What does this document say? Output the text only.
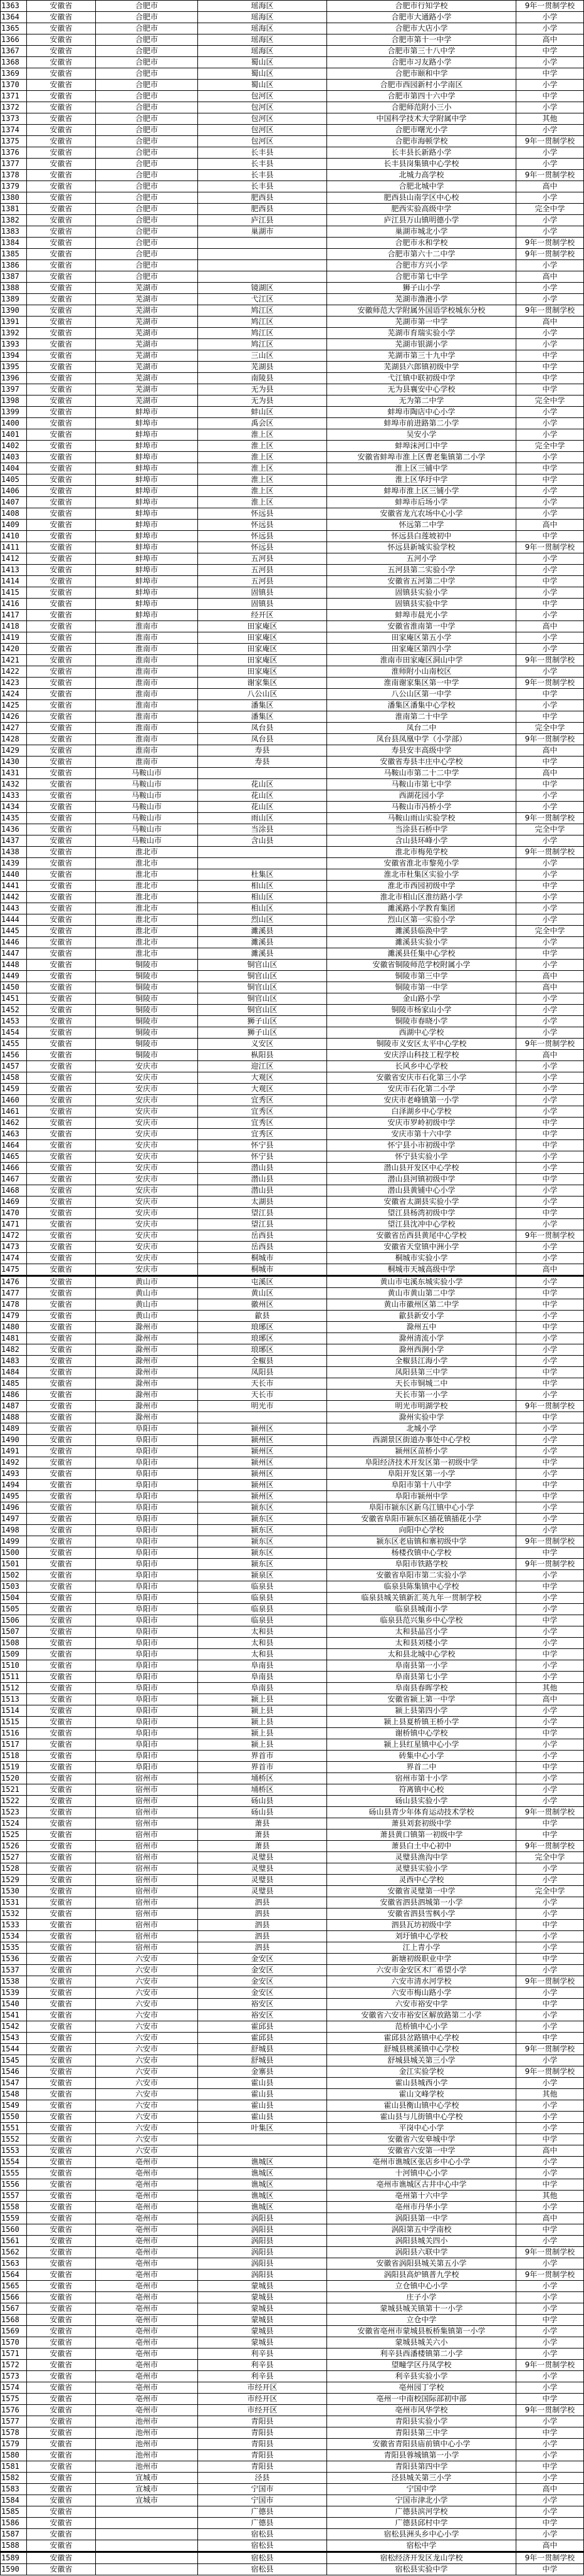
1363	安徽省	合肥市	瑶海区	合肥市行知学校	9年一贯制学校
1364	安徽省	合肥市	瑶海区	合肥市大通路小学	小学
1365	安徽省	合肥市	瑶海区	合肥市大店小学	小学
1366	安徽省	合肥市	瑶海区	合肥市第十一中学	高中
1367	安徽省	合肥市	瑶海区	合肥市第三十八中学	中学
1368	安徽省	合肥市	蜀山区	合肥市习友路小学	小学
1369	安徽省	合肥市	蜀山区	合肥市颐和中学	中学
1370	安徽省	合肥市	蜀山区	合肥市西园新村小学南区	小学
1371	安徽省	合肥市	包河区	合肥市第四十六中学	中学
1372	安徽省	合肥市	包河区	合肥师范附小三小	小学
1373	安徽省	合肥市	包河区	中国科学技术大学附属中学	其他
1374	安徽省	合肥市	包河区	合肥市曙光小学	小学
1375	安徽省	合肥市	包河区	合肥市海顿学校	9年一贯制学校
1376	安徽省	合肥市	长丰县	长丰县长新路小学	小学
1377	安徽省	合肥市	长丰县	长丰县岗集镇中心学校	小学
1378	安徽省	合肥市	长丰县	北城力高学校	9年一贯制学校
1379	安徽省	合肥市	长丰县	合肥北城中学	高中
1380	安徽省	合肥市	肥西县	肥西县山南学区中心校	小学
1381	安徽省	合肥市	肥西县	肥西实验高级中学	完全中学
1382	安徽省	合肥市	庐江县	庐江县万山镇明德小学	小学
1383	安徽省	合肥市	巢湖市	巢湖市城北小学	小学
1384	安徽省	合肥市		合肥市永和学校	9年一贯制学校
1385	安徽省	合肥市		合肥市第六十二中学	9年一贯制学校
1386	安徽省	合肥市		合肥市方兴小学	小学
1387	安徽省	合肥市		合肥市第七中学	高中
1388	安徽省	芜湖市	镜湖区	狮子山小学	小学
1389	安徽省	芜湖市	弋江区	芜湖市澛港小学	小学
1390	安徽省	芜湖市	鸠江区	安徽师范大学附属外国语学校城东分校	9年一贯制学校
1391	安徽省	芜湖市	鸠江区	芜湖市第一中学	高中
1392	安徽省	芜湖市	鸠江区	芜湖市育瑞实验小学	小学
1393	安徽省	芜湖市	鸠江区	芜湖市银湖小学	小学
1394	安徽省	芜湖市	三山区	芜湖市第三十九中学	中学
1395	安徽省	芜湖市	芜湖县	芜湖县六郎镇初级中学	中学
1396	安徽省	芜湖市	南陵县	弋江镇中联初级中学	中学
1397	安徽省	芜湖市	无为县	无为县襄安中心学校	中学
1398	安徽省	芜湖市	无为县	无为第二中学	完全中学
1399	安徽省	蚌埠市	蚌山区	蚌埠市陶店中心小学	小学
1400	安徽省	蚌埠市	禹会区	蚌埠市前进路第二小学	小学
1401	安徽省	蚌埠市	淮上区	吴安小学	小学
1402	安徽省	蚌埠市	淮上区	蚌埠沫河口中学	完全中学
1403	安徽省	蚌埠市	淮上区	安徽省蚌埠市淮上区曹老集镇第二小学	小学
1404	安徽省	蚌埠市	淮上区	淮上区三铺中学	中学
1405	安徽省	蚌埠市	淮上区	淮上区华圩中学	中学
1406	安徽省	蚌埠市	淮上区	蚌埠市淮上区三铺小学	小学
1407	安徽省	蚌埠市	淮上区	蚌埠市后场小学	小学
1408	安徽省	蚌埠市	怀远县	安徽省龙亢农场中心小学	小学
1409	安徽省	蚌埠市	怀远县	怀远第二中学	高中
1410	安徽省	蚌埠市	怀远县	怀远县白莲坡初中	中学
1411	安徽省	蚌埠市	怀远县	怀远县新城实验学校	9年一贯制学校
1412	安徽省	蚌埠市	五河县	五河小学	小学
1413	安徽省	蚌埠市	五河县	五河县第二实验小学	小学
1414	安徽省	蚌埠市	五河县	安徽省五河第二中学	中学
1415	安徽省	蚌埠市	固镇县	固镇县实验小学	小学
1416	安徽省	蚌埠市	固镇县	固镇县实验中学	中学
1417	安徽省	蚌埠市	经开区	蚌埠市晨光小学	小学
1418	安徽省	淮南市	田家庵区	安徽省淮南第一中学	高中
1419	安徽省	淮南市	田家庵区	田家庵区第五小学	小学
1420	安徽省	淮南市	田家庵区	田家庵区第四小学	小学
1421	安徽省	淮南市	田家庵区	淮南市田家庵区洞山中学	9年一贯制学校
1422	安徽省	淮南市	田家庵区	淮师附小山南校区	小学
1423	安徽省	淮南市	谢家集区	淮南谢家集区第一中学	9年一贯制学校
1424	安徽省	淮南市	八公山区	八公山区第一中学	中学
1425	安徽省	淮南市	潘集区	潘集区潘集中心学校	小学
1426	安徽省	淮南市	潘集区	淮南第二十中学	中学
1427	安徽省	淮南市	凤台县	凤台二中	完全中学
1428	安徽省	淮南市	凤台县	凤台县凤凰中学（小学部）	9年一贯制学校
1429	安徽省	淮南市	寿县	寿县安丰高级中学	高中
1430	安徽省	淮南市	寿县	安徽省寿县丰庄中心学校	中学
1431	安徽省	马鞍山市		马鞍山市第二十二中学	高中
1432	安徽省	马鞍山市	花山区	马鞍山市第七中学	中学
1433	安徽省	马鞍山市	花山区	西湖花园小学	小学
1434	安徽省	马鞍山市	花山区	马鞍山市冯桥小学	小学
1435	安徽省	马鞍山市	雨山区	马鞍山雨山实验学校	9年一贯制学校
1436	安徽省	马鞍山市	当涂县	当涂县石桥中学	完全中学
1437	安徽省	马鞍山市	含山县	含山县环峰小学	小学
1438	安徽省	淮北市		淮北市梅苑学校	9年一贯制学校
1439	安徽省	淮北市		安徽省淮北市黎苑小学	小学
1440	安徽省	淮北市	杜集区	淮北市杜集区实验小学	小学
1441	安徽省	淮北市	相山区	淮北市西园初级中学	中学
1442	安徽省	淮北市	相山区	淮北市相山区淮纺路小学	小学
1443	安徽省	淮北市	相山区	濉溪路小学教育集团	小学
1444	安徽省	淮北市	烈山区	烈山区第一实验小学	小学
1445	安徽省	淮北市	濉溪县	濉溪县临涣中学	完全中学
1446	安徽省	淮北市	濉溪县	濉溪县实验小学	小学
1447	安徽省	淮北市	濉溪县	濉溪县任集中心学校	中学
1448	安徽省	铜陵市	铜官山区	安徽省铜陵师范学校附属小学	小学
1449	安徽省	铜陵市	铜官山区	铜陵市第三中学	高中
1450	安徽省	铜陵市	铜官山区	铜陵市第一中学	高中
1451	安徽省	铜陵市	铜官山区	金山路小学	小学
1452	安徽省	铜陵市	铜官山区	铜陵市杨家山小学	小学
1453	安徽省	铜陵市	狮子山区	铜陵市春晓小学	小学
1454	安徽省	铜陵市	狮子山区	西湖中心学校	小学
1455	安徽省	铜陵市	义安区	铜陵市义安区太平中心学校	9年一贯制学校
1456	安徽省	铜陵市	枞阳县	安庆浮山科技工程学校	高中
1457	安徽省	安庆市	迎江区	长风乡中心学校	小学
1458	安徽省	安庆市	大观区	安徽省安庆市石化第三小学	小学
1459	安徽省	安庆市	大观区	安庆市石化第二小学	小学
1460	安徽省	安庆市	宜秀区	安庆市老峰镇第一小学	小学
1461	安徽省	安庆市	宜秀区	白泽湖乡中心学校	小学
1462	安徽省	安庆市	宜秀区	安庆市罗岭初级中学	中学
1463	安徽省	安庆市	宜秀区	安庆市第十六中学	中学
1464	安徽省	安庆市	怀宁县	怀宁县小市初级中学	中学
1465	安徽省	安庆市	怀宁县	怀宁县实验小学	小学
1466	安徽省	安庆市	潜山县	潜山县开发区中心学校	小学
1467	安徽省	安庆市	潜山县	潜山县河镇初级中学	中学
1468	安徽省	安庆市	潜山县	潜山县黄铺中心小学	小学
1469	安徽省	安庆市	太湖县	安徽省太湖县实验小学	小学
1470	安徽省	安庆市	望江县	望江县杨湾初级中学	中学
1471	安徽省	安庆市	望江县	望江县沈冲中心学校	小学
1472	安徽省	安庆市	岳西县	安徽省岳西县黄尾中心学校	9年一贯制学校
1473	安徽省	安庆市	岳西县	安徽省天堂镇中洲小学	小学
1474	安徽省	安庆市	桐城市	桐城市实验小学	小学
1475	安徽省	安庆市	桐城市	桐城市天城高级中学	高中
1476	安徽省	黄山市	屯溪区	黄山市屯溪东城实验小学	小学
1477	安徽省	黄山市	黄山区	黄山市黄山第二中学	中学
1478	安徽省	黄山市	徽州区	黄山市徽州区第二中学	中学
1479	安徽省	黄山市	歙县	歙县新安小学	小学
1480	安徽省	滁州市	琅琊区	滁州五中	中学
1481	安徽省	滁州市	琅琊区	滁州清流小学	小学
1482	安徽省	滁州市	琅琊区	滁州西涧小学	小学
1483	安徽省	滁州市	全椒县	全椒县江海小学	小学
1484	安徽省	滁州市	凤阳县	凤阳县第三中学	中学
1485	安徽省	滁州市	天长市	天长市铜城二中	中学
1486	安徽省	滁州市	天长市	天长市第一小学	小学
1487	安徽省	滁州市	明光市	明光市明湖学校	9年一贯制学校
1488	安徽省	滁州市		滁州实验中学	中学
1489	安徽省	阜阳市	颍州区	北城小学	小学
1490	安徽省	阜阳市	颍州区	西湖景区街道办事处中心学校	小学
1491	安徽省	阜阳市	颍州区	颍州区苗桥小学	小学
1492	安徽省	阜阳市	颍州区	阜阳经济技术开发区第一初级中学	中学
1493	安徽省	阜阳市	颍州区	阜阳开发区第一小学	小学
1494	安徽省	阜阳市	颍州区	阜阳市第十八中学	中学
1495	安徽省	阜阳市	颍州区	阜阳市颍州中学	中学
1496	安徽省	阜阳市	颍东区	阜阳市颍东区新乌江镇中心小学	小学
1497	安徽省	阜阳市	颍东区	安徽省阜阳市颍东区插花镇插花小学	小学
1498	安徽省	阜阳市	颍东区	向阳中心学校	小学
1499	安徽省	阜阳市	颍东区	颍东区老庙镇和寨初级中学	9年一贯制学校
1500	安徽省	阜阳市	颍东区	杨楼孜镇中心学校	中学
1501	安徽省	阜阳市	颍东区	阜阳市铁路学校	9年一贯制学校
1502	安徽省	阜阳市	颍泉区	安徽省阜阳市第二实验小学	小学
1503	安徽省	阜阳市	临泉县	临泉县陈集镇中心学校	中学
1504	安徽省	阜阳市	临泉县	临泉县城关镇新汇英九年一贯制学校	小学
1505	安徽省	阜阳市	临泉县	临泉县城南小学	小学
1506	安徽省	阜阳市	临泉县	临泉县范兴集乡中心学校	中学
1507	安徽省	阜阳市	太和县	太和县晶宫小学	小学
1508	安徽省	阜阳市	太和县	太和县刘楼小学	小学
1509	安徽省	阜阳市	太和县	太和县北城中心学校	中学
1510	安徽省	阜阳市	阜南县	阜南县第一小学	小学
1511	安徽省	阜阳市	阜南县	阜南县第七小学	小学
1512	安徽省	阜阳市	阜南县	阜南县春晖学校	其他
1513	安徽省	阜阳市	颍上县	安徽省颍上第一中学	高中
1514	安徽省	阜阳市	颍上县	颍上县第四小学	小学
1515	安徽省	阜阳市	颍上县	颍上县夏桥镇王桥小学	小学
1516	安徽省	阜阳市	颍上县	谢桥镇中心学校	中学
1517	安徽省	阜阳市	颍上县	颍上县红星镇中心小学	小学
1518	安徽省	阜阳市	界首市	砖集中心小学	小学
1519	安徽省	阜阳市	界首市	界首二中	中学
1520	安徽省	宿州市	埇桥区	宿州市第十小学	小学
1521	安徽省	宿州市	埇桥区	符离镇中心校	小学
1522	安徽省	宿州市	砀山县	砀山县实验小学	小学
1523	安徽省	宿州市	砀山县	砀山县青少年体育运动技术学校	9年一贯制学校
1524	安徽省	宿州市	萧县	萧县刘套初级中学	中学
1525	安徽省	宿州市	萧县	萧县黄口镇第一初级中学	中学
1526	安徽省	宿州市	萧县	萧县白土中心初中	9年一贯制学校
1527	安徽省	宿州市	灵璧县	灵璧县渔沟中学	完全中学
1528	安徽省	宿州市	灵璧县	灵璧县实验小学	小学
1529	安徽省	宿州市	灵璧县	灵西中心学校	小学
1530	安徽省	宿州市	灵璧县	安徽省灵璧第一中学	完全中学
1531	安徽省	宿州市	泗县	安徽省泗县泗城第一小学	小学
1532	安徽省	宿州市	泗县	安徽省泗县雪枫小学	小学
1533	安徽省	宿州市	泗县	泗县瓦坊初级中学	中学
1534	安徽省	宿州市	泗县	刘圩镇中心学校	小学
1535	安徽省	宿州市	泗县	江上青小学	小学
1536	安徽省	六安市	金安区	新塘初级职业中学	中学
1537	安徽省	六安市	金安区	六安市金安区木厂希望小学	小学
1538	安徽省	六安市	金安区	六安市清水河学校	9年一贯制学校
1539	安徽省	六安市	金安区	六安市梅山路小学	小学
1540	安徽省	六安市	裕安区	六安市裕安中学	中学
1541	安徽省	六安市	裕安区	安徽省六安市裕安区解放路第二小学	小学
1542	安徽省	六安市	霍邱县	范桥镇中心小学	小学
1543	安徽省	六安市	霍邱县	霍邱县岔路镇中心学校	中学
1544	安徽省	六安市	舒城县	舒城县桃溪镇中心学校	9年一贯制学校
1545	安徽省	六安市	舒城县	舒城县城关第三小学	小学
1546	安徽省	六安市	金寨县	金江实验学校	9年一贯制学校
1547	安徽省	六安市	霍山县	霍山县城西小学	小学
1548	安徽省	六安市	霍山县	霍山文峰学校	其他
1549	安徽省	六安市	霍山县	霍山县衡山镇中心学校	小学
1550	安徽省	六安市	霍山县	霍山县与儿街镇中心学校	小学
1551	安徽省	六安市	叶集区	平岗中心小学	小学
1552	安徽省	六安市		安徽省六安皋城中学	中学
1553	安徽省	六安市		安徽省六安第一中学	高中
1554	安徽省	亳州市	谯城区	亳州市谯城区张店乡中心小学	小学
1555	安徽省	亳州市	谯城区	十河镇中心小学	小学
1556	安徽省	亳州市	谯城区	亳州市谯城区古井中心中学	中学
1557	安徽省	亳州市	谯城区	亳州第十六中学	其他
1558	安徽省	亳州市	谯城区	亳州市丹华小学	小学
1559	安徽省	亳州市	涡阳县	涡阳县第一中学	高中
1560	安徽省	亳州市	涡阳县	涡阳第五中学南校	中学
1561	安徽省	亳州市	涡阳县	涡阳县城关四小	小学
1562	安徽省	亳州市	涡阳县	涡阳县六联中学	9年一贯制学校
1563	安徽省	亳州市	涡阳县	安徽省涡阳县城关第五小学	小学
1564	安徽省	亳州市	涡阳县	涡阳县高炉镇普九学校	9年一贯制学校
1565	安徽省	亳州市	蒙城县	立仓镇中心小学	小学
1566	安徽省	亳州市	蒙城县	庄子小学	小学
1567	安徽省	亳州市	蒙城县	蒙城县城关镇第十一小学	小学
1568	安徽省	亳州市	蒙城县	立仓中学	中学
1569	安徽省	亳州市	蒙城县	安徽省亳州市蒙城县板桥集镇第一小学	小学
1570	安徽省	亳州市	蒙城县	蒙城县城关六小	小学
1571	安徽省	亳州市	利辛县	利辛县西潘楼镇第二小学	小学
1572	安徽省	亳州市	利辛县	望疃学区丹凤学校	9年一贯制学校
1573	安徽省	亳州市	利辛县	利辛县实验小学	小学
1574	安徽省	亳州市	市经开区	亳州园丁学校	小学
1575	安徽省	亳州市	市经开区	亳州一中南校国际部初中部	中学
1576	安徽省	亳州市	市经开区	亳州市风华学校	9年一贯制学校
1577	安徽省	池州市	青阳县	青阳县实验小学	小学
1578	安徽省	池州市	青阳县	青阳县第三中学	中学
1579	安徽省	池州市	青阳县	安徽省青阳县庙前镇中心小学	小学
1580	安徽省	池州市	青阳县	青阳县蓉城镇第一小学	小学
1581	安徽省	池州市	青阳县	青阳县第四中学	中学
1582	安徽省	宣城市	泾县	泾县城关第三小学	小学
1583	安徽省	宣城市	宁国市	宁国中学	高中
1584	安徽省	宣城市	宁国市	宁国市津北小学	小学
1585	安徽省		广德县	广德县滨河学校	小学
1586	安徽省		广德县	广德县邱村中学	中学
1587	安徽省		宿松县	宿松县洲头乡中心小学	小学
1588	安徽省		宿松县	宿松中学	高中
1589	安徽省		宿松县	宿松经济开发区龙山学校	9年一贯制学校
1590	安徽省		宿松县	宿松县实验中学	中学
